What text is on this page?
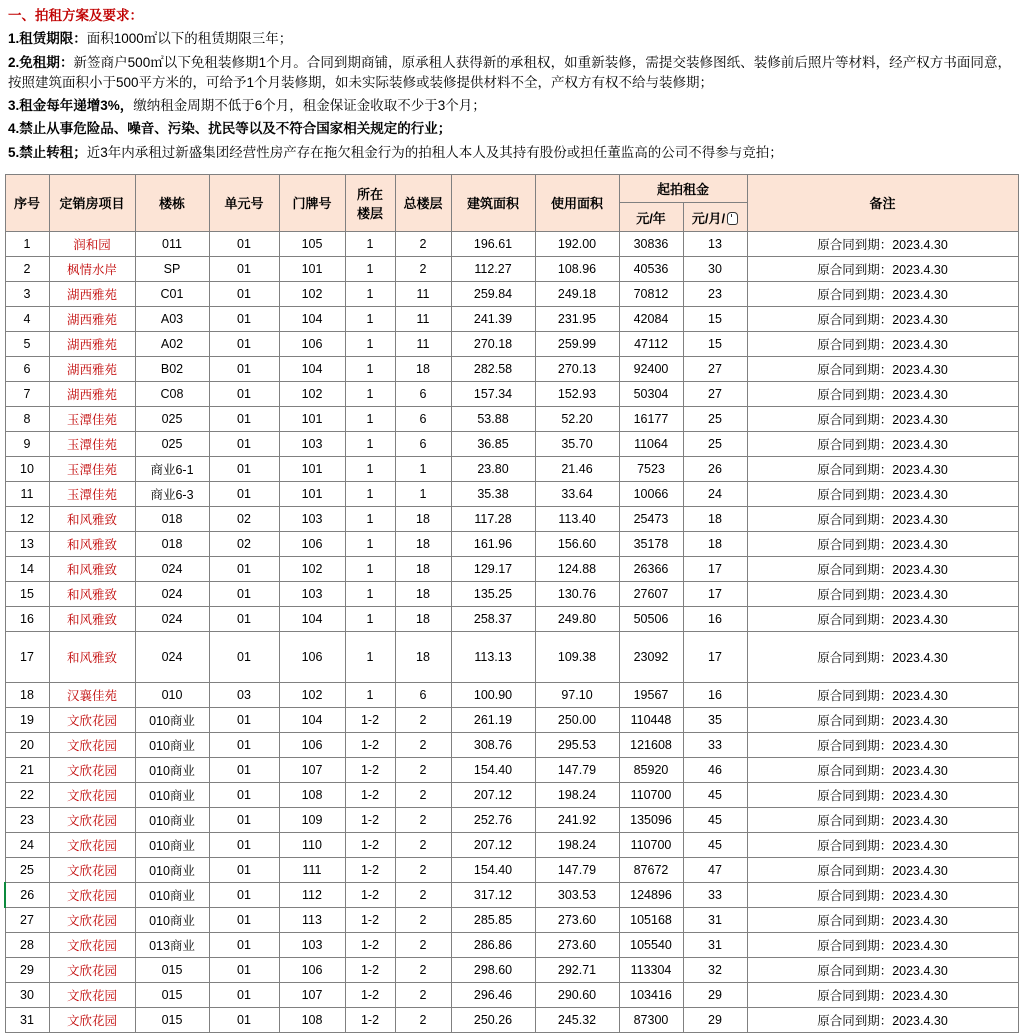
一、拍租方案及要求：
1.租赁期限：面积1000㎡以下的租赁期限三年；
2.免租期：新签商户500㎡以下免租装修期1个月。合同到期商铺，原承租人获得新的承租权，如重新装修，需提交装修图纸、装修前后照片等材料，经产权方书面同意，按照建筑面积小于500平方米的，可给予1个月装修期，如未实际装修或装修提供材料不全，产权方有权不给与装修期；
3.租金每年递增3%，缴纳租金周期不低于6个月，租金保证金收取不少于3个月；
4.禁止从事危险品、噪音、污染、扰民等以及不符合国家相关规定的行业；
5.禁止转租；近3年内承租过新盛集团经营性房产存在拖欠租金行为的拍租人本人及其持有股份或担任董监高的公司不得参与竞拍；
序号	定销房项目	楼栋	单元号	门牌号	所在
楼层	总楼层	建筑面积	使用面积	起拍租金		备注
									元/年	元/月/	

1	润和园	011	01	105	1	2	196.61	192.00	30836	13	原合同到期：2023.4.30
2	枫情水岸	SP	01	101	1	2	112.27	108.96	40536	30	原合同到期：2023.4.30
3	湖西雅苑	C01	01	102	1	11	259.84	249.18	70812	23	原合同到期：2023.4.30
4	湖西雅苑	A03	01	104	1	11	241.39	231.95	42084	15	原合同到期：2023.4.30
5	湖西雅苑	A02	01	106	1	11	270.18	259.99	47112	15	原合同到期：2023.4.30
6	湖西雅苑	B02	01	104	1	18	282.58	270.13	92400	27	原合同到期：2023.4.30
7	湖西雅苑	C08	01	102	1	6	157.34	152.93	50304	27	原合同到期：2023.4.30
8	玉潭佳苑	025	01	101	1	6	53.88	52.20	16177	25	原合同到期：2023.4.30
9	玉潭佳苑	025	01	103	1	6	36.85	35.70	11064	25	原合同到期：2023.4.30
10	玉潭佳苑	商业6-1	01	101	1	1	23.80	21.46	7523	26	原合同到期：2023.4.30
11	玉潭佳苑	商业6-3	01	101	1	1	35.38	33.64	10066	24	原合同到期：2023.4.30
12	和风雅致	018	02	103	1	18	117.28	113.40	25473	18	原合同到期：2023.4.30
13	和风雅致	018	02	106	1	18	161.96	156.60	35178	18	原合同到期：2023.4.30
14	和风雅致	024	01	102	1	18	129.17	124.88	26366	17	原合同到期：2023.4.30
15	和风雅致	024	01	103	1	18	135.25	130.76	27607	17	原合同到期：2023.4.30
16	和风雅致	024	01	104	1	18	258.37	249.80	50506	16	原合同到期：2023.4.30
17	和风雅致	024	01	106	1	18	113.13	109.38	23092	17	原合同到期：2023.4.30
18	汉襄佳苑	010	03	102	1	6	100.90	97.10	19567	16	原合同到期：2023.4.30
19	文欣花园	010商业	01	104	1-2	2	261.19	250.00	110448	35	原合同到期：2023.4.30
20	文欣花园	010商业	01	106	1-2	2	308.76	295.53	121608	33	原合同到期：2023.4.30
21	文欣花园	010商业	01	107	1-2	2	154.40	147.79	85920	46	原合同到期：2023.4.30
22	文欣花园	010商业	01	108	1-2	2	207.12	198.24	110700	45	原合同到期：2023.4.30
23	文欣花园	010商业	01	109	1-2	2	252.76	241.92	135096	45	原合同到期：2023.4.30
24	文欣花园	010商业	01	110	1-2	2	207.12	198.24	110700	45	原合同到期：2023.4.30
25	文欣花园	010商业	01	111	1-2	2	154.40	147.79	87672	47	原合同到期：2023.4.30
26	文欣花园	010商业	01	112	1-2	2	317.12	303.53	124896	33	原合同到期：2023.4.30
27	文欣花园	010商业	01	113	1-2	2	285.85	273.60	105168	31	原合同到期：2023.4.30
28	文欣花园	013商业	01	103	1-2	2	286.86	273.60	105540	31	原合同到期：2023.4.30
29	文欣花园	015	01	106	1-2	2	298.60	292.71	113304	32	原合同到期：2023.4.30
30	文欣花园	015	01	107	1-2	2	296.46	290.60	103416	29	原合同到期：2023.4.30
31	文欣花园	015	01	108	1-2	2	250.26	245.32	87300	29	原合同到期：2023.4.30
